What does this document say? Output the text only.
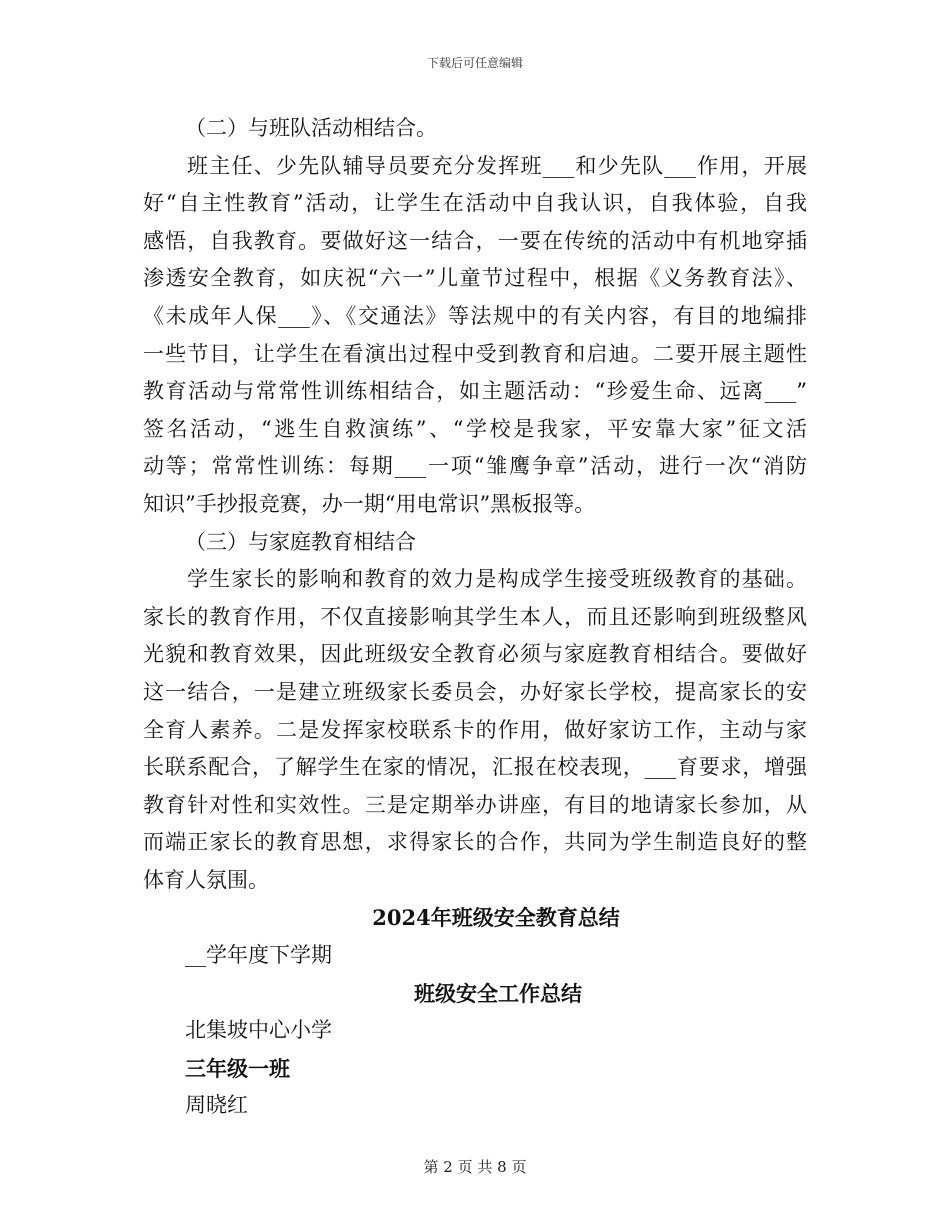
下载后可任意编辑
（二）与班队活动相结合。
班主任、少先队辅导员要充分发挥班___和少先队___作用，开展
好“自主性教育”活动，让学生在活动中自我认识，自我体验，自我
感悟，自我教育。要做好这一结合，一要在传统的活动中有机地穿插
渗透安全教育，如庆祝“六一”儿童节过程中，根据《义务教育法》、
《未成年人保___》、《交通法》等法规中的有关内容，有目的地编排
一些节目，让学生在看演出过程中受到教育和启迪。二要开展主题性
教育活动与常常性训练相结合，如主题活动：“珍爱生命、远离___”
签名活动，“逃生自救演练”、“学校是我家，平安靠大家”征文活
动等；常常性训练：每期___一项“雏鹰争章”活动，进行一次“消防
知识”手抄报竞赛，办一期“用电常识”黑板报等。
（三）与家庭教育相结合
学生家长的影响和教育的效力是构成学生接受班级教育的基础。
家长的教育作用，不仅直接影响其学生本人，而且还影响到班级整风
光貌和教育效果，因此班级安全教育必须与家庭教育相结合。要做好
这一结合，一是建立班级家长委员会，办好家长学校，提高家长的安
全育人素养。二是发挥家校联系卡的作用，做好家访工作，主动与家
长联系配合，了解学生在家的情况，汇报在校表现，___育要求，增强
教育针对性和实效性。三是定期举办讲座，有目的地请家长参加，从
而端正家长的教育思想，求得家长的合作，共同为学生制造良好的整
体育人氛围。
2024年班级安全教育总结
__学年度下学期
班级安全工作总结
北集坡中心小学
三年级一班
周晓红
第 2 页 共 8 页
